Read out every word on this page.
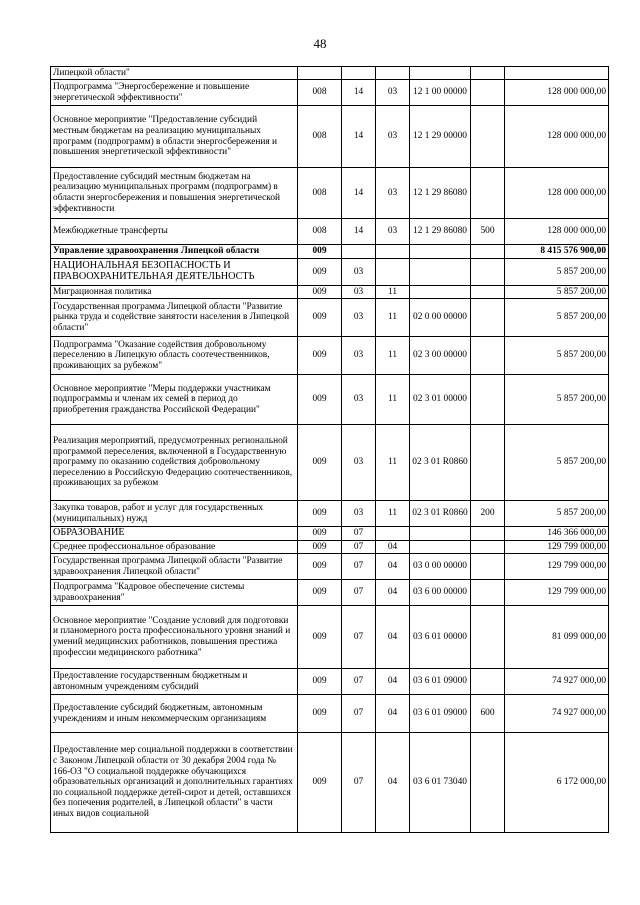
48
Липецкой области"						
Подпрограмма "Энергосбережение и повышение энергетической эффективности"	008	14	03	12 1 00 00000		128 000 000,00
Основное мероприятие "Предоставление субсидий местным бюджетам на реализацию муниципальных программ (подпрограмм) в области энергосбережения и повышения энергетической эффективности"	008	14	03	12 1 29 00000		128 000 000,00
Предоставление субсидий местным бюджетам на реализацию муниципальных программ (подпрограмм) в области энергосбережения и повышения энергетической эффективности	008	14	03	12 1 29 86080		128 000 000,00
Межбюджетные трансферты	008	14	03	12 1 29 86080	500	128 000 000,00
Управление здравоохранения Липецкой области	009					8 415 576 900,00
НАЦИОНАЛЬНАЯ БЕЗОПАСНОСТЬ И ПРАВООХРАНИТЕЛЬНАЯ ДЕЯТЕЛЬНОСТЬ	009	03				5 857 200,00
Миграционная политика	009	03	11			5 857 200,00
Государственная программа Липецкой области "Развитие рынка труда и содействие занятости населения в Липецкой области"	009	03	11	02 0 00 00000		5 857 200,00
Подпрограмма "Оказание содействия добровольному переселению в Липецкую область соотечественников, проживающих за рубежом"	009	03	11	02 3 00 00000		5 857 200,00
Основное мероприятие "Меры поддержки участникам подпрограммы и членам их семей в период до приобретения гражданства Российской Федерации"	009	03	11	02 3 01 00000		5 857 200,00
Реализация мероприятий, предусмотренных региональной программой переселения, включенной в Государственную программу по оказанию содействия добровольному переселению в Российскую Федерацию соотечественников, проживающих за рубежом	009	03	11	02 3 01 R0860		5 857 200,00
Закупка товаров, работ и услуг для государственных (муниципальных) нужд	009	03	11	02 3 01 R0860	200	5 857 200,00
ОБРАЗОВАНИЕ	009	07				146 366 000,00
Среднее профессиональное образование	009	07	04			129 799 000,00
Государственная программа Липецкой области "Развитие здравоохранения Липецкой области"	009	07	04	03 0 00 00000		129 799 000,00
Подпрограмма "Кадровое обеспечение системы здравоохранения"	009	07	04	03 6 00 00000		129 799 000,00
Основное мероприятие "Создание условий для подготовки и планомерного роста профессионального уровня знаний и умений медицинских работников, повышения престижа профессии медицинского работника"	009	07	04	03 6 01 00000		81 099 000,00
Предоставление государственным бюджетным и автономным учреждениям субсидий	009	07	04	03 6 01 09000		74 927 000,00
Предоставление субсидий бюджетным, автономным учреждениям и иным некоммерческим организациям	009	07	04	03 6 01 09000	600	74 927 000,00
Предоставление мер социальной поддержки в соответствии с Законом Липецкой области от 30 декабря 2004 года № 166-ОЗ "О социальной поддержке обучающихся образовательных организаций и дополнительных гарантиях по социальной поддержке детей-сирот и детей, оставшихся без попечения родителей, в Липецкой области" в части иных видов социальной	009	07	04	03 6 01 73040		6 172 000,00
